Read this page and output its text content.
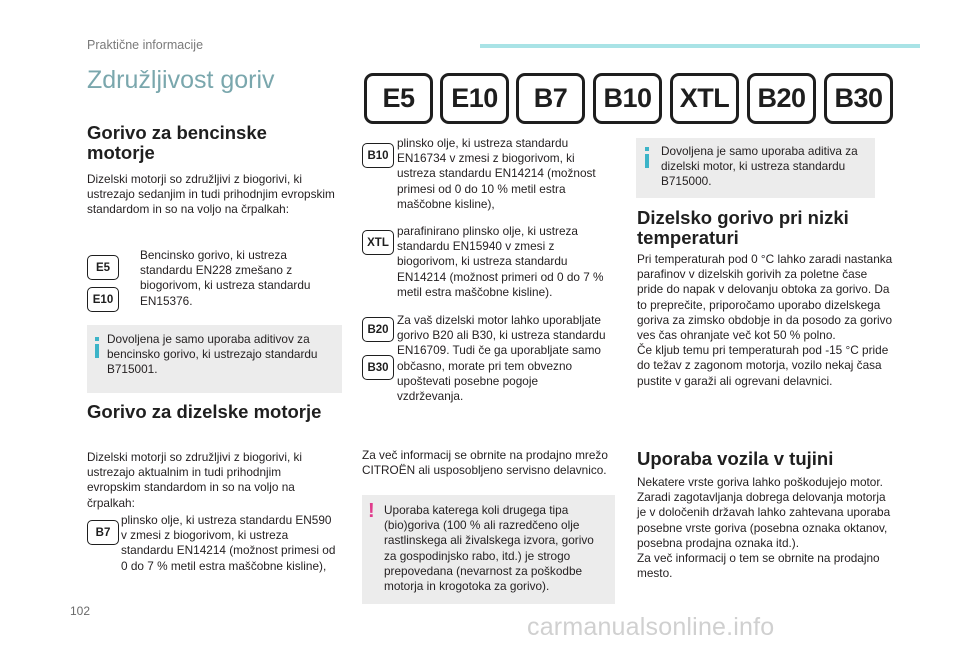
Praktične informacije
Združljivost goriv
E5	E10	B7	B10	XTL	B20	B30
Gorivo za bencinske
motorje
Dizelski motorji so združljivi z biogorivi, ki ustrezajo sedanjim in tudi prihodnjim evropskim standardom in so na voljo na črpalkah:
E5
E10
Bencinsko gorivo, ki ustreza standardu EN228 zmešano z biogorivom, ki ustreza standardu EN15376.
Dovoljena je samo uporaba aditivov za bencinsko gorivo, ki ustrezajo standardu B715001.
Gorivo za dizelske motorje
Dizelski motorji so združljivi z biogorivi, ki ustrezajo aktualnim in tudi prihodnjim evropskim standardom in so na voljo na črpalkah:
B7
plinsko olje, ki ustreza standardu EN590 v zmesi z biogorivom, ki ustreza standardu EN14214 (možnost primesi od 0 do 7 % metil estra maščobne kisline),
B10
plinsko olje, ki ustreza standardu EN16734 v zmesi z biogorivom, ki ustreza standardu EN14214 (možnost primesi od 0 do 10 % metil estra maščobne kisline),
XTL
parafinirano plinsko olje, ki ustreza standardu EN15940 v zmesi z biogorivom, ki ustreza standardu EN14214 (možnost primeri od 0 do 7 % metil estra maščobne kisline).
B20
B30
Za vaš dizelski motor lahko uporabljate gorivo B20 ali B30, ki ustreza standardu EN16709. Tudi če ga uporabljate samo občasno, morate pri tem obvezno upoštevati posebne pogoje vzdrževanja.
Za več informacij se obrnite na prodajno mrežo CITROËN ali usposobljeno servisno delavnico.
! Uporaba katerega koli drugega tipa (bio)goriva (100 % ali razredčeno olje rastlinskega ali živalskega izvora, gorivo za gospodinjsko rabo, itd.) je strogo prepovedana (nevarnost za poškodbe motorja in krogotoka za gorivo).
Dovoljena je samo uporaba aditiva za dizelski motor, ki ustreza standardu B715000.
Dizelsko gorivo pri nizki
temperaturi
Pri temperaturah pod 0 °C lahko zaradi nastanka parafinov v dizelskih gorivih za poletne čase pride do napak v delovanju obtoka za gorivo. Da to preprečite, priporočamo uporabo dizelskega goriva za zimsko obdobje in da posodo za gorivo ves čas ohranjate več kot 50 % polno.
Če kljub temu pri temperaturah pod -15 °C pride do težav z zagonom motorja, vozilo nekaj časa pustite v garaži ali ogrevani delavnici.
Uporaba vozila v tujini
Nekatere vrste goriva lahko poškodujejo motor. Zaradi zagotavljanja dobrega delovanja motorja je v določenih državah lahko zahtevana uporaba posebne vrste goriva (posebna oznaka oktanov, posebna prodajna oznaka itd.).
Za več informacij o tem se obrnite na prodajno mesto.
102
carmanualsonline.info
